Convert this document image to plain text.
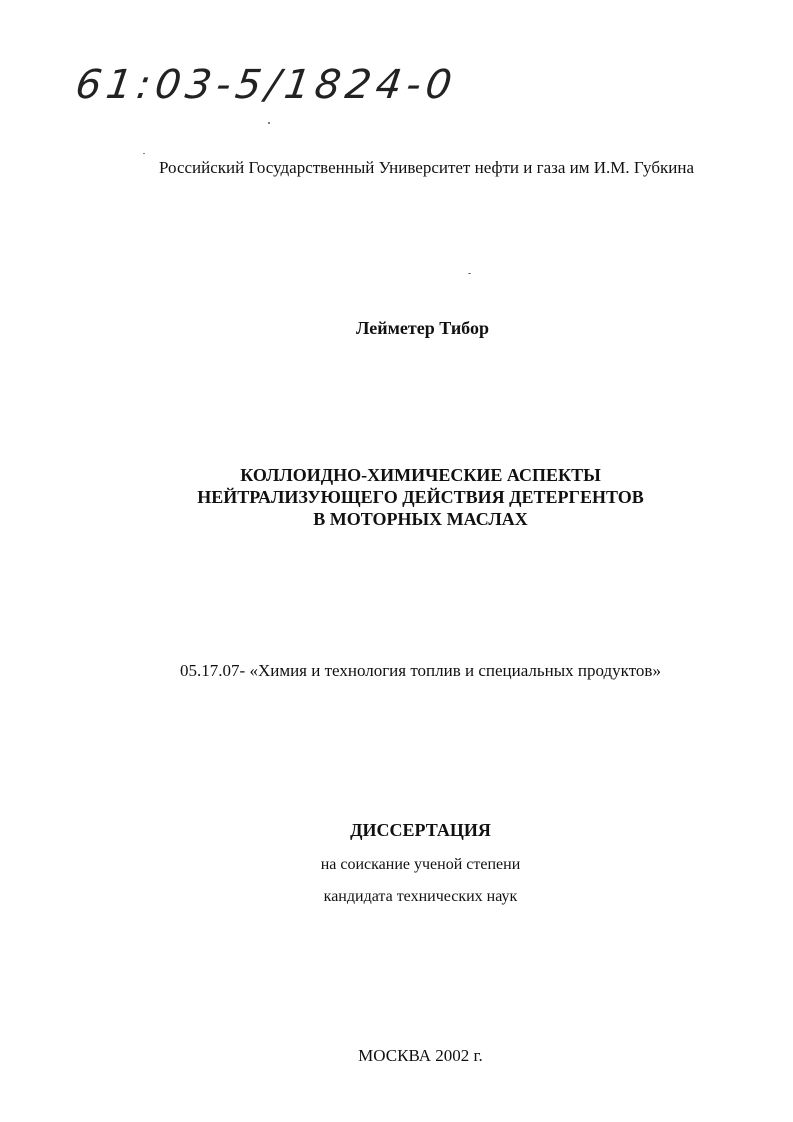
61:03-5/1824-0
Российский Государственный Университет нефти и газа им И.М. Губкина
Лейметер Тибор
КОЛЛОИДНО-ХИМИЧЕСКИЕ АСПЕКТЫ
НЕЙТРАЛИЗУЮЩЕГО ДЕЙСТВИЯ ДЕТЕРГЕНТОВ
В МОТОРНЫХ МАСЛАХ
05.17.07- «Химия и технология топлив и специальных продуктов»
ДИССЕРТАЦИЯ
на соискание ученой степени
кандидата технических наук
МОСКВА 2002 г.
